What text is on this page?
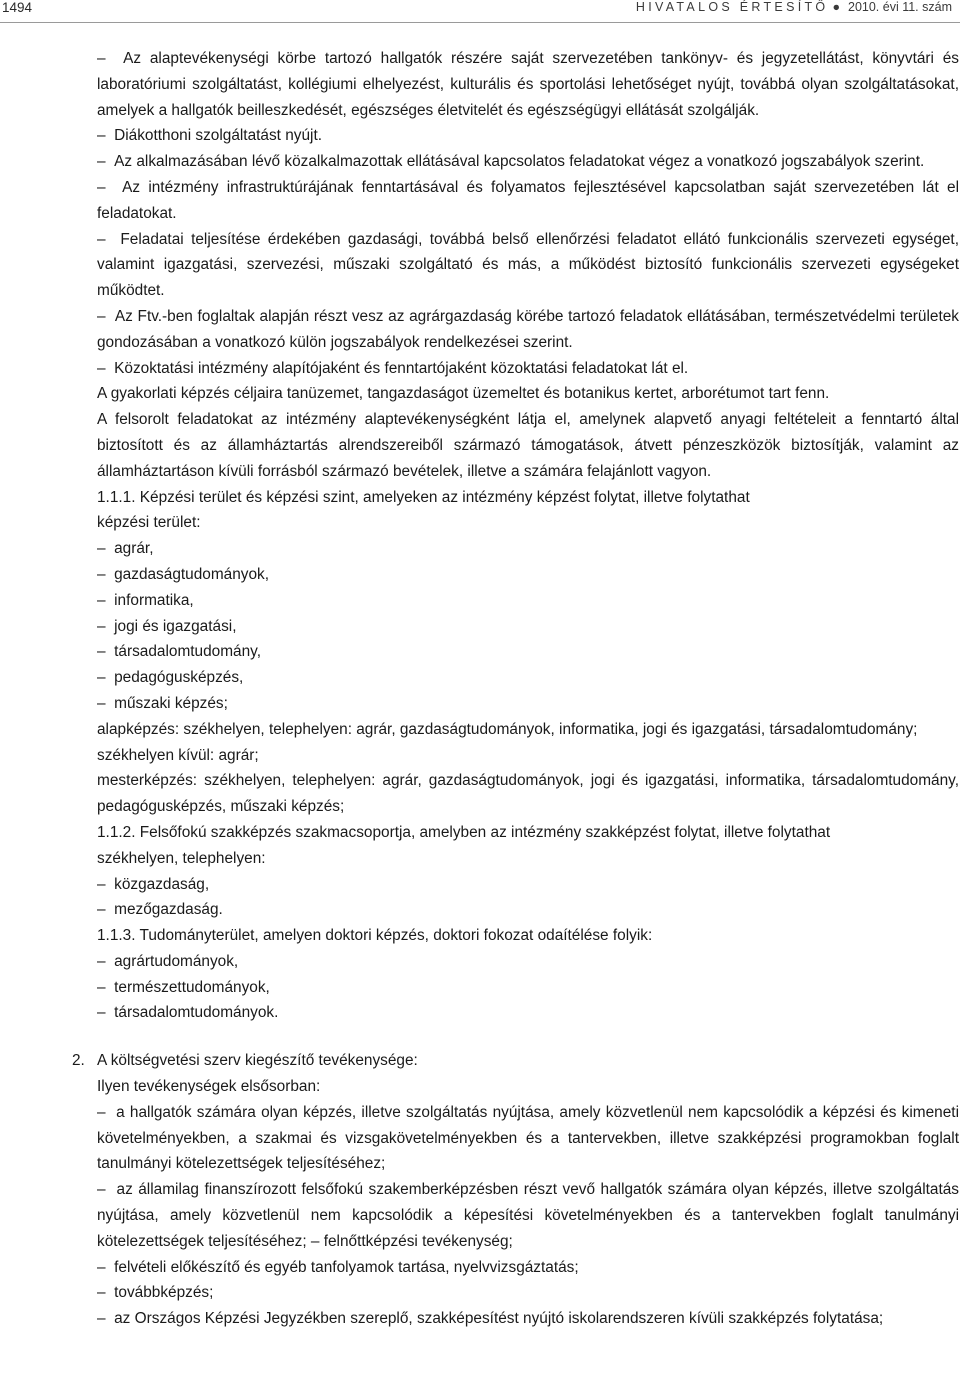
1494	HIVATALOS ÉRTESÍTŐ ● 2010. évi 11. szám

–  Az alaptevékenységi körbe tartozó hallgatók részére saját szervezetében tankönyv- és jegyzetellátást, könyvtári és laboratóriumi szolgáltatást, kollégiumi elhelyezést, kulturális és sportolási lehetőséget nyújt, továbbá olyan szolgáltatásokat, amelyek a hallgatók beilleszkedését, egészséges életvitelét és egészségügyi ellátását szolgálják.

–  Diákotthoni szolgáltatást nyújt.

–  Az alkalmazásában lévő közalkalmazottak ellátásával kapcsolatos feladatokat végez a vonatkozó jogszabályok szerint.

–  Az intézmény infrastruktúrájának fenntartásával és folyamatos fejlesztésével kapcsolatban saját szervezetében lát el feladatokat.

–  Feladatai teljesítése érdekében gazdasági, továbbá belső ellenőrzési feladatot ellátó funkcionális szervezeti egységet, valamint igazgatási, szervezési, műszaki szolgáltató és más, a működést biztosító funkcionális szervezeti egységeket működtet.

–  Az Ftv.-ben foglaltak alapján részt vesz az agrárgazdaság körébe tartozó feladatok ellátásában, természetvédelmi területek gondozásában a vonatkozó külön jogszabályok rendelkezései szerint.

–  Közoktatási intézmény alapítójaként és fenntartójaként közoktatási feladatokat lát el.

A gyakorlati képzés céljaira tanüzemet, tangazdaságot üzemeltet és botanikus kertet, arborétumot tart fenn.

A felsorolt feladatokat az intézmény alaptevékenységként látja el, amelynek alapvető anyagi feltételeit a fenntartó által biztosított és az államháztartás alrendszereiből származó támogatások, átvett pénzeszközök biztosítják, valamint az államháztartáson kívüli forrásból származó bevételek, illetve a számára felajánlott vagyon.

1.1.1. Képzési terület és képzési szint, amelyeken az intézmény képzést folytat, illetve folytathat

képzési terület:

–  agrár,

–  gazdaságtudományok,

–  informatika,

–  jogi és igazgatási,

–  társadalomtudomány,

–  pedagógusképzés,

–  műszaki képzés;

alapképzés: székhelyen, telephelyen: agrár, gazdaságtudományok, informatika, jogi és igazgatási, társadalomtudomány;

székhelyen kívül: agrár;

mesterképzés: székhelyen, telephelyen: agrár, gazdaságtudományok, jogi és igazgatási, informatika, társadalomtudomány, pedagógusképzés, műszaki képzés;

1.1.2. Felsőfokú szakképzés szakmacsoportja, amelyben az intézmény szakképzést folytat, illetve folytathat

székhelyen, telephelyen:

–  közgazdaság,

–  mezőgazdaság.

1.1.3. Tudományterület, amelyen doktori képzés, doktori fokozat odaítélése folyik:

–  agrártudományok,

–  természettudományok,

–  társadalomtudományok.

2. A költségvetési szerv kiegészítő tevékenysége:

Ilyen tevékenységek elsősorban:

–  a hallgatók számára olyan képzés, illetve szolgáltatás nyújtása, amely közvetlenül nem kapcsolódik a képzési és kimeneti követelményekben, a szakmai és vizsgakövetelményekben és a tantervekben, illetve szakképzési programokban foglalt tanulmányi kötelezettségek teljesítéséhez;

–  az államilag finanszírozott felsőfokú szakemberképzésben részt vevő hallgatók számára olyan képzés, illetve szolgáltatás nyújtása, amely közvetlenül nem kapcsolódik a képesítési követelményekben és a tantervekben foglalt tanulmányi kötelezettségek teljesítéséhez; – felnőttképzési tevékenység;

–  felvételi előkészítő és egyéb tanfolyamok tartása, nyelvvizsgáztatás;

–  továbbképzés;

–  az Országos Képzési Jegyzékben szereplő, szakképesítést nyújtó iskolarendszeren kívüli szakképzés folytatása;
